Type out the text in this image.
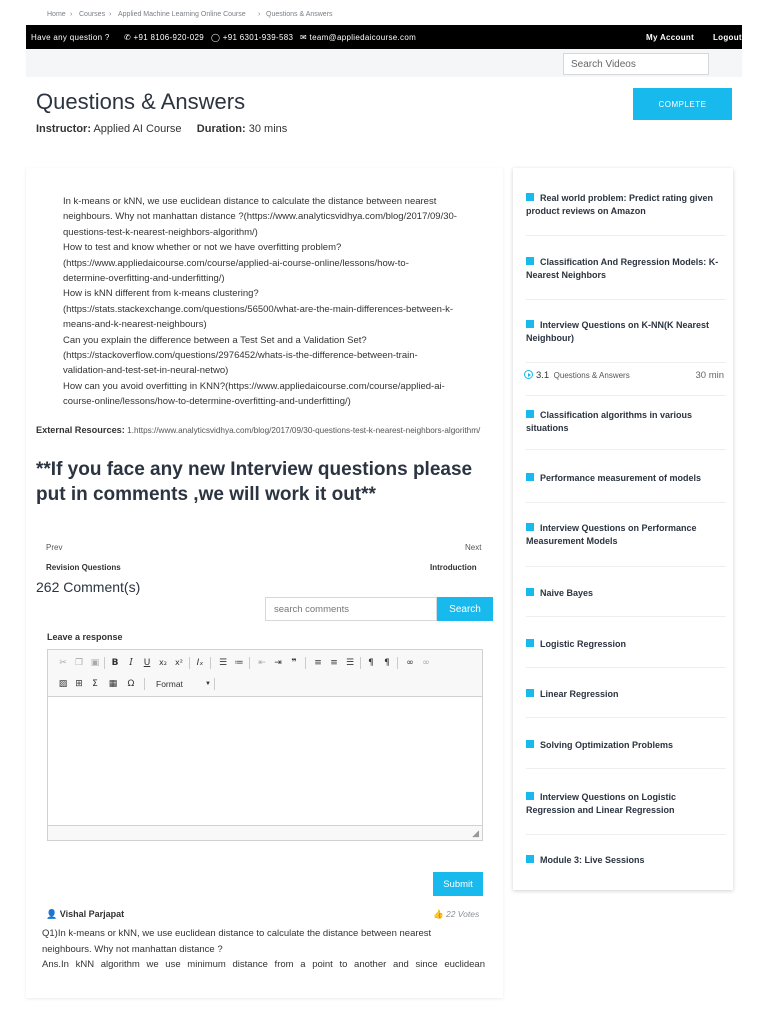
Have any question ? ✆ +91 8106-920-029 ◯ +91 6301-939-583 ✉ team@appliedaicourse.com	My Account Logout
Home › Courses › Applied Machine Learning Online Course › Questions & Answers
Search Videos
Questions & Answers
Instructor: Applied AI Course Duration: 30 mins
COMPLETE
In k-means or kNN, we use euclidean distance to calculate the distance between nearest
neighbours. Why not manhattan distance ?(https://www.analyticsvidhya.com/blog/2017/09/30-
questions-test-k-nearest-neighbors-algorithm/)
How to test and know whether or not we have overfitting problem?
(https://www.appliedaicourse.com/course/applied-ai-course-online/lessons/how-to-
determine-overfitting-and-underfitting/)
How is kNN different from k-means clustering?
(https://stats.stackexchange.com/questions/56500/what-are-the-main-differences-between-k-
means-and-k-nearest-neighbours)
Can you explain the difference between a Test Set and a Validation Set?
(https://stackoverflow.com/questions/2976452/whats-is-the-difference-between-train-
validation-and-test-set-in-neural-netwo)
How can you avoid overfitting in KNN?(https://www.appliedaicourse.com/course/applied-ai-
course-online/lessons/how-to-determine-overfitting-and-underfitting/)
External Resources: 1.https://www.analyticsvidhya.com/blog/2017/09/30-questions-test-k-nearest-neighbors-algorithm/
**If you face any new Interview questions please put in comments ,we will work it out**
Prev	Next
Revision Questions	Introduction
262 Comment(s)
search comments
Search
Leave a response
✂ ❐ ▣	B	I	U	x₂	x²	Iₓ	☰ ≔	⇤ ⇥	❞	≡ ≡ ☰	¶	¶	∞ ∞
▨ ⊞	Σ	▦	Ω	Format	▼
◢
Submit
👤 Vishal Parjapat	👍 22 Votes
Q1)In k-means or kNN, we use euclidean distance to calculate the distance between nearest
neighbours. Why not manhattan distance ?
Ans.In kNN algorithm we use minimum distance from a point to another and since euclidean
3.1 Questions & Answers	30 min
Real world problem: Predict rating given product reviews on Amazon
Classification And Regression Models: K-Nearest Neighbors
Interview Questions on K-NN(K Nearest Neighbour)
Classification algorithms in various situations
Performance measurement of models
Interview Questions on Performance Measurement Models
Naive Bayes
Logistic Regression
Linear Regression
Solving Optimization Problems
Interview Questions on Logistic Regression and Linear Regression
Module 3: Live Sessions
